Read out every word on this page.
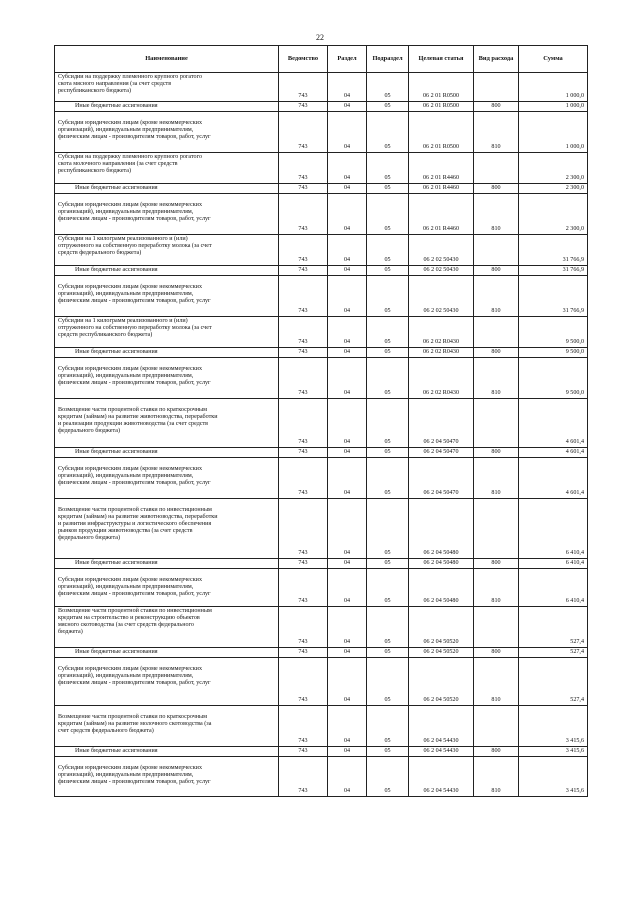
22
Наименование	Ведомство	Раздел	Подраздел	Целевая статья	Вид расхода	Сумма
Субсидии на поддержку племенного крупного рогатого
скота мясного направления (за счет средств
республиканского бюджета)	743	04	05	06 2 01 R0500		1 000,0
Иные бюджетные ассигнования	743	04	05	06 2 01 R0500	800	1 000,0

Субсидии юридическим лицам (кроме некоммерческих
организаций), индивидуальным предпринимателям,
физическим лицам - производителям товаров, работ, услуг	743	04	05	06 2 01 R0500	810	1 000,0
Субсидии на поддержку племенного крупного рогатого
скота молочного направления (за счет средств
республиканского бюджета)	743	04	05	06 2 01 R4460		2 300,0
Иные бюджетные ассигнования	743	04	05	06 2 01 R4460	800	2 300,0

Субсидии юридическим лицам (кроме некоммерческих
организаций), индивидуальным предпринимателям,
физическим лицам - производителям товаров, работ, услуг	743	04	05	06 2 01 R4460	810	2 300,0
Субсидии на 1 килограмм реализованного и (или)
отгруженного на собственную переработку молока (за счет
средств федерального бюджета)	743	04	05	06 2 02 50430		31 766,9
Иные бюджетные ассигнования	743	04	05	06 2 02 50430	800	31 766,9

Субсидии юридическим лицам (кроме некоммерческих
организаций), индивидуальным предпринимателям,
физическим лицам - производителям товаров, работ, услуг	743	04	05	06 2 02 50430	810	31 766,9
Субсидии на 1 килограмм реализованного и (или)
отгруженного на собственную переработку молока (за счет
средств республиканского бюджета)	743	04	05	06 2 02 R0430		9 500,0
Иные бюджетные ассигнования	743	04	05	06 2 02 R0430	800	9 500,0

Субсидии юридическим лицам (кроме некоммерческих
организаций), индивидуальным предпринимателям,
физическим лицам - производителям товаров, работ, услуг	743	04	05	06 2 02 R0430	810	9 500,0

Возмещение части процентной ставки по краткосрочным
кредитам (займам) на развитие животноводства, переработки
и реализации продукции животноводства (за счет средств
федерального бюджета)	743	04	05	06 2 04 50470		4 601,4
Иные бюджетные ассигнования	743	04	05	06 2 04 50470	800	4 601,4

Субсидии юридическим лицам (кроме некоммерческих
организаций), индивидуальным предпринимателям,
физическим лицам - производителям товаров, работ, услуг	743	04	05	06 2 04 50470	810	4 601,4

Возмещение части процентной ставки по инвестиционным
кредитам (займам) на развитие животноводства, переработки
и развития инфраструктуры и логистического обеспечения
рынков продукции животноводства (за счет средств
федерального бюджета)	743	04	05	06 2 04 50480		6 410,4
Иные бюджетные ассигнования	743	04	05	06 2 04 50480	800	6 410,4

Субсидии юридическим лицам (кроме некоммерческих
организаций), индивидуальным предпринимателям,
физическим лицам - производителям товаров, работ, услуг	743	04	05	06 2 04 50480	810	6 410,4
Возмещение части процентной ставки по инвестиционным
кредитам на строительство и реконструкцию объектов
мясного скотоводства (за счет средств федерального
бюджета)	743	04	05	06 2 04 50520		527,4
Иные бюджетные ассигнования	743	04	05	06 2 04 50520	800	527,4

Субсидии юридическим лицам (кроме некоммерческих
организаций), индивидуальным предпринимателям,
физическим лицам - производителям товаров, работ, услуг	743	04	05	06 2 04 50520	810	527,4

Возмещение части процентной ставки по краткосрочным
кредитам (займам) на развитие молочного скотоводства (за
счет средств федерального бюджета)	743	04	05	06 2 04 54430		3 415,6
Иные бюджетные ассигнования	743	04	05	06 2 04 54430	800	3 415,6

Субсидии юридическим лицам (кроме некоммерческих
организаций), индивидуальным предпринимателям,
физическим лицам - производителям товаров, работ, услуг	743	04	05	06 2 04 54430	810	3 415,6
